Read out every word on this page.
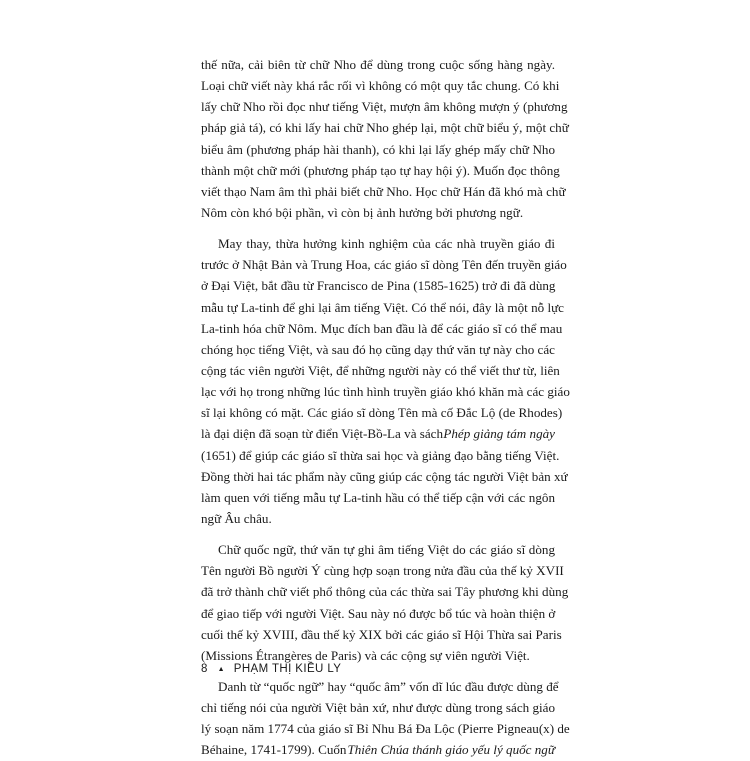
thế nữa, cải biên từ chữ Nho để dùng trong cuộc sống hàng ngày.
Loại chữ viết này khá rắc rối vì không có một quy tắc chung. Có khi
lấy chữ Nho rồi đọc như tiếng Việt, mượn âm không mượn ý (phương
pháp giả tá), có khi lấy hai chữ Nho ghép lại, một chữ biểu ý, một chữ
biểu âm (phương pháp hài thanh), có khi lại lấy ghép mấy chữ Nho
thành một chữ mới (phương pháp tạo tự hay hội ý). Muốn đọc thông
viết thạo Nam âm thì phải biết chữ Nho. Học chữ Hán đã khó mà chữ
Nôm còn khó bội phần, vì còn bị ảnh hưởng bởi phương ngữ.

May thay, thừa hưởng kinh nghiệm của các nhà truyền giáo đi
trước ở Nhật Bản và Trung Hoa, các giáo sĩ dòng Tên đến truyền giáo
ở Đại Việt, bắt đầu từ Francisco de Pina (1585-1625) trở đi đã dùng
mẫu tự La-tinh để ghi lại âm tiếng Việt. Có thể nói, đây là một nỗ lực
La-tinh hóa chữ Nôm. Mục đích ban đầu là để các giáo sĩ có thể mau
chóng học tiếng Việt, và sau đó họ cũng dạy thứ văn tự này cho các
cộng tác viên người Việt, để những người này có thể viết thư từ, liên
lạc với họ trong những lúc tình hình truyền giáo khó khăn mà các giáo
sĩ lại không có mặt. Các giáo sĩ dòng Tên mà cố Đắc Lộ (de Rhodes)
là đại diện đã soạn từ điển Việt-Bồ-La và sách Phép giảng tám ngày
(1651) để giúp các giáo sĩ thừa sai học và giảng đạo bằng tiếng Việt.
Đồng thời hai tác phẩm này cũng giúp các cộng tác người Việt bản xứ
làm quen với tiếng mẫu tự La-tinh hầu có thể tiếp cận với các ngôn
ngữ Âu châu.

Chữ quốc ngữ, thứ văn tự ghi âm tiếng Việt do các giáo sĩ dòng
Tên người Bồ người Ý cùng hợp soạn trong nửa đầu của thế kỷ XVII
đã trở thành chữ viết phổ thông của các thừa sai Tây phương khi dùng
để giao tiếp với người Việt. Sau này nó được bổ túc và hoàn thiện ở
cuối thế kỷ XVIII, đầu thế kỷ XIX bởi các giáo sĩ Hội Thừa sai Paris
(Missions Étrangères de Paris) và các cộng sự viên người Việt.

Danh từ “quốc ngữ” hay “quốc âm” vốn dĩ lúc đầu được dùng để
chỉ tiếng nói của người Việt bản xứ, như được dùng trong sách giáo
lý soạn năm 1774 của giáo sĩ Bỉ Nhu Bá Đa Lộc (Pierre Pigneau(x) de
Béhaine, 1741-1799). Cuốn Thiên Chúa thánh giáo yếu lý quốc ngữ

8 ▲ PHẠM THỊ KIỀU LY
